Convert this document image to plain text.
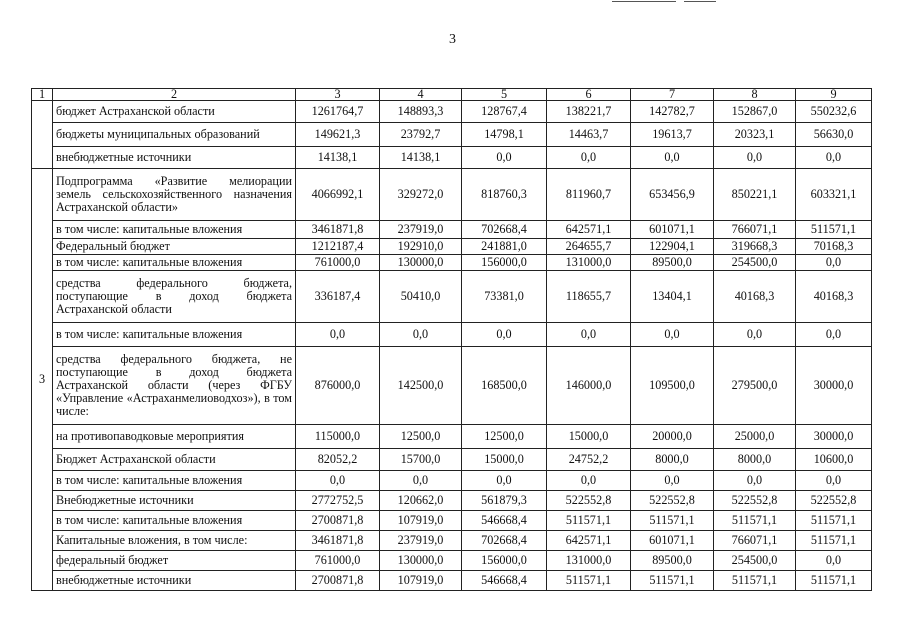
3
1	2	3	4	5	6	7	8	9
	бюджет Астраханской области	1261764,7	148893,3	128767,4	138221,7	142782,7	152867,0	550232,6
	бюджеты муниципальных образований	149621,3	23792,7	14798,1	14463,7	19613,7	20323,1	56630,0
	внебюджетные источники	14138,1	14138,1	0,0	0,0	0,0	0,0	0,0
3	Подпрограмма «Развитие мелиорации земель сельскохозяйственного назначения Астраханской области»	4066992,1	329272,0	818760,3	811960,7	653456,9	850221,1	603321,1
	в том числе: капитальные вложения	3461871,8	237919,0	702668,4	642571,1	601071,1	766071,1	511571,1
	Федеральный бюджет	1212187,4	192910,0	241881,0	264655,7	122904,1	319668,3	70168,3
	в том числе: капитальные вложения	761000,0	130000,0	156000,0	131000,0	89500,0	254500,0	0,0
	средства федерального бюджета, поступающие в доход бюджета Астраханской области	336187,4	50410,0	73381,0	118655,7	13404,1	40168,3	40168,3
	в том числе: капитальные вложения	0,0	0,0	0,0	0,0	0,0	0,0	0,0
	средства федерального бюджета, не поступающие в доход бюджета Астраханской области (через ФГБУ «Управление «Астраханмелиоводхоз»), в том числе:	876000,0	142500,0	168500,0	146000,0	109500,0	279500,0	30000,0
	на противопаводковые мероприятия	115000,0	12500,0	12500,0	15000,0	20000,0	25000,0	30000,0
	Бюджет Астраханской области	82052,2	15700,0	15000,0	24752,2	8000,0	8000,0	10600,0
	в том числе: капитальные вложения	0,0	0,0	0,0	0,0	0,0	0,0	0,0
	Внебюджетные источники	2772752,5	120662,0	561879,3	522552,8	522552,8	522552,8	522552,8
	в том числе: капитальные вложения	2700871,8	107919,0	546668,4	511571,1	511571,1	511571,1	511571,1
	Капитальные вложения, в том числе:	3461871,8	237919,0	702668,4	642571,1	601071,1	766071,1	511571,1
	федеральный бюджет	761000,0	130000,0	156000,0	131000,0	89500,0	254500,0	0,0
	внебюджетные источники	2700871,8	107919,0	546668,4	511571,1	511571,1	511571,1	511571,1
